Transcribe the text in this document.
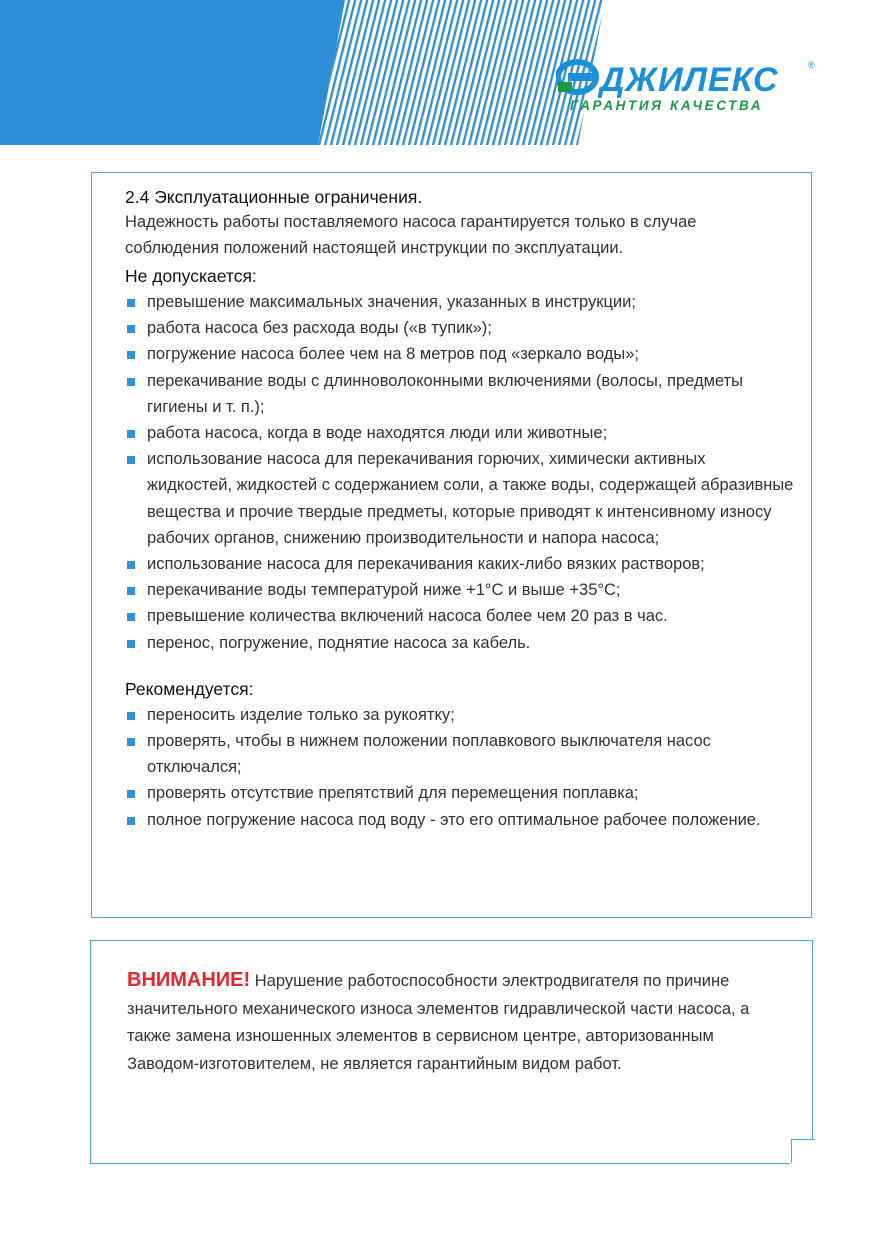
ДЖИЛЕКС	®
ГАРАНТИЯ КАЧЕСТВА
2.4 Эксплуатационные ограничения.
Надежность работы поставляемого насоса гарантируется только в случае соблюдения положений настоящей инструкции по эксплуатации.
Не допускается:
превышение максимальных значения, указанных в инструкции;
работа насоса без расхода воды («в тупик»);
погружение насоса более чем на 8 метров под «зеркало воды»;
перекачивание воды с длинноволоконными включениями (волосы, предметы гигиены и т. п.);
работа насоса, когда в воде находятся люди или животные;
использование насоса для перекачивания горючих, химически активных жидкостей, жидкостей с содержанием соли, а также воды, содержащей абразивные вещества и прочие твердые предметы, которые приводят к интенсивному износу рабочих органов, снижению производительности и напора насоса;
использование насоса для перекачивания каких-либо вязких растворов;
перекачивание воды температурой ниже +1°С и выше +35°С;
превышение количества включений насоса более чем 20 раз в час.
перенос, погружение, поднятие насоса за кабель.
Рекомендуется:
переносить изделие только за рукоятку;
проверять, чтобы в нижнем положении поплавкового выключателя насос отключался;
проверять отсутствие препятствий для перемещения поплавка;
полное погружение насоса под воду - это его оптимальное рабочее положение.
ВНИМАНИЕ! Нарушение работоспособности электродвигателя по причине значительного механического износа элементов гидравлической части насоса, а также замена изношенных элементов в сервисном центре, авторизованным Заводом-изготовителем, не является гарантийным видом работ.
